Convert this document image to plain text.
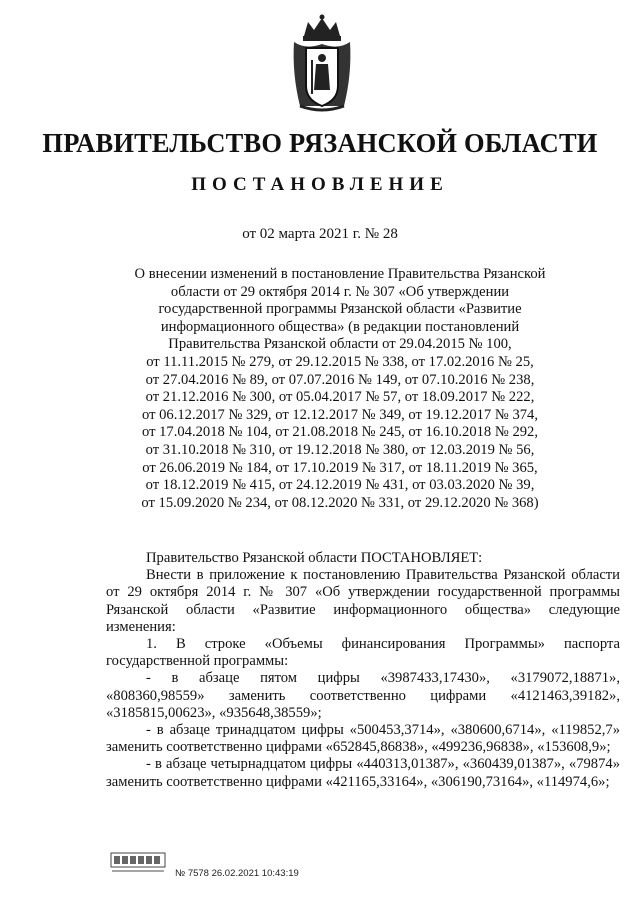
ПРАВИТЕЛЬСТВО РЯЗАНСКОЙ ОБЛАСТИ
ПОСТАНОВЛЕНИЕ
от 02 марта 2021 г. № 28
О внесении изменений в постановление Правительства Рязанской
области от 29 октября 2014 г. № 307 «Об утверждении
государственной программы Рязанской области «Развитие
информационного общества» (в редакции постановлений
Правительства Рязанской области от 29.04.2015 № 100,
от 11.11.2015 № 279, от 29.12.2015 № 338, от 17.02.2016 № 25,
от 27.04.2016 № 89, от 07.07.2016 № 149, от 07.10.2016 № 238,
от 21.12.2016 № 300, от 05.04.2017 № 57, от 18.09.2017 № 222,
от 06.12.2017 № 329, от 12.12.2017 № 349, от 19.12.2017 № 374,
от 17.04.2018 № 104, от 21.08.2018 № 245, от 16.10.2018 № 292,
от 31.10.2018 № 310, от 19.12.2018 № 380, от 12.03.2019 № 56,
от 26.06.2019 № 184, от 17.10.2019 № 317, от 18.11.2019 № 365,
от 18.12.2019 № 415, от 24.12.2019 № 431, от 03.03.2020 № 39,
от 15.09.2020 № 234, от 08.12.2020 № 331, от 29.12.2020 № 368)
Правительство Рязанской области ПОСТАНОВЛЯЕТ:
Внести в приложение к постановлению Правительства Рязанской области от 29 октября 2014 г. № 307 «Об утверждении государственной программы Рязанской области «Развитие информационного общества» следующие изменения:
1. В строке «Объемы финансирования Программы» паспорта государственной программы:
- в абзаце пятом цифры «3987433,17430», «3179072,18871», «808360,98559» заменить соответственно цифрами «4121463,39182», «3185815,00623», «935648,38559»;
- в абзаце тринадцатом цифры «500453,3714», «380600,6714», «119852,7» заменить соответственно цифрами «652845,86838», «499236,96838», «153608,9»;
- в абзаце четырнадцатом цифры «440313,01387», «360439,01387», «79874» заменить соответственно цифрами «421165,33164», «306190,73164», «114974,6»;
№ 7578 26.02.2021 10:43:19
